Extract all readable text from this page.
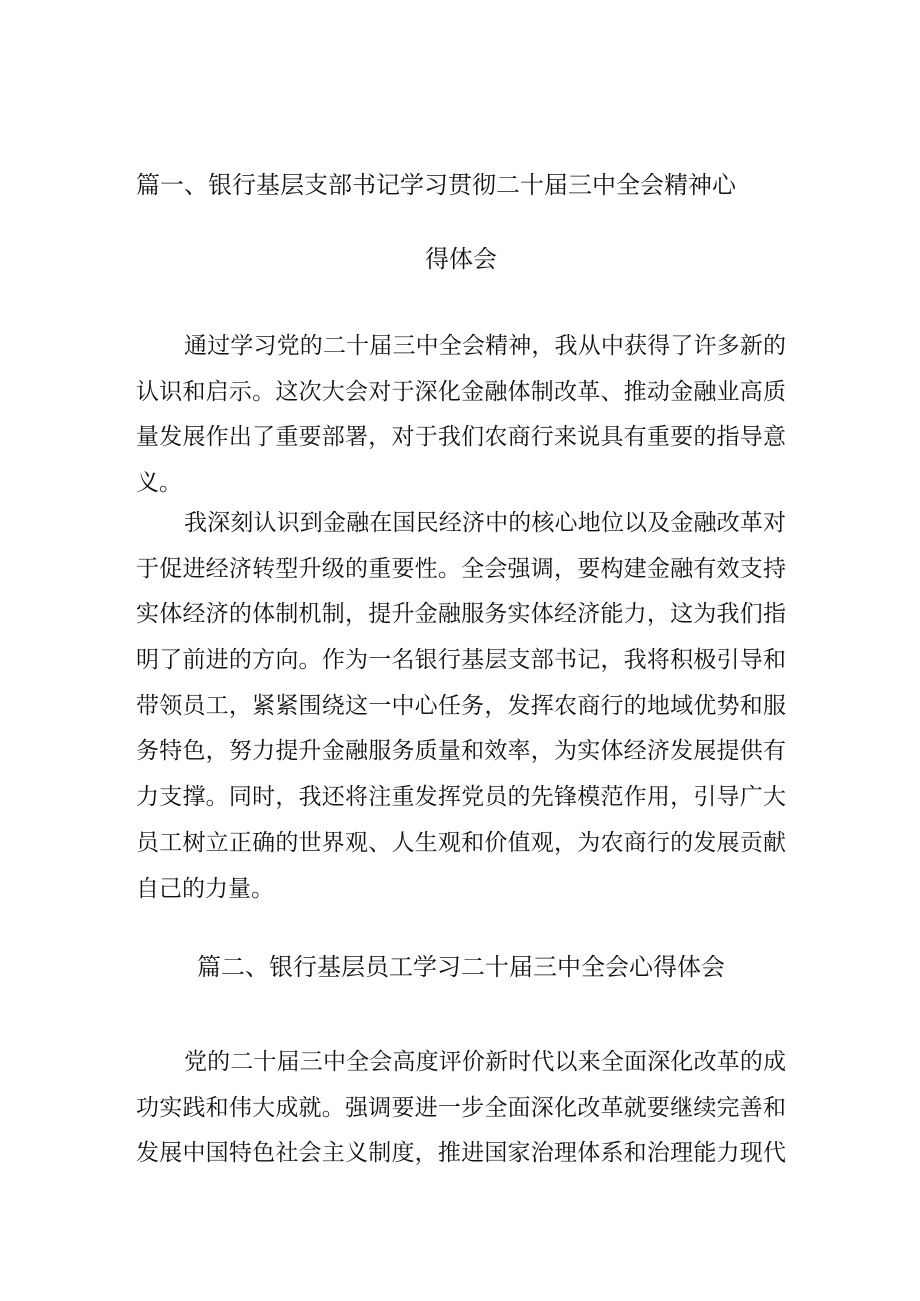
篇一、银行基层支部书记学习贯彻二十届三中全会精神心
得体会

通过学习党的二十届三中全会精神，我从中获得了许多新的
认识和启示。这次大会对于深化金融体制改革、推动金融业高质
量发展作出了重要部署，对于我们农商行来说具有重要的指导意
义。

我深刻认识到金融在国民经济中的核心地位以及金融改革对
于促进经济转型升级的重要性。全会强调，要构建金融有效支持
实体经济的体制机制，提升金融服务实体经济能力，这为我们指
明了前进的方向。作为一名银行基层支部书记，我将积极引导和
带领员工，紧紧围绕这一中心任务，发挥农商行的地域优势和服
务特色，努力提升金融服务质量和效率，为实体经济发展提供有
力支撑。同时，我还将注重发挥党员的先锋模范作用，引导广大
员工树立正确的世界观、人生观和价值观，为农商行的发展贡献
自己的力量。

篇二、银行基层员工学习二十届三中全会心得体会

党的二十届三中全会高度评价新时代以来全面深化改革的成
功实践和伟大成就。强调要进一步全面深化改革就要继续完善和
发展中国特色社会主义制度，推进国家治理体系和治理能力现代
